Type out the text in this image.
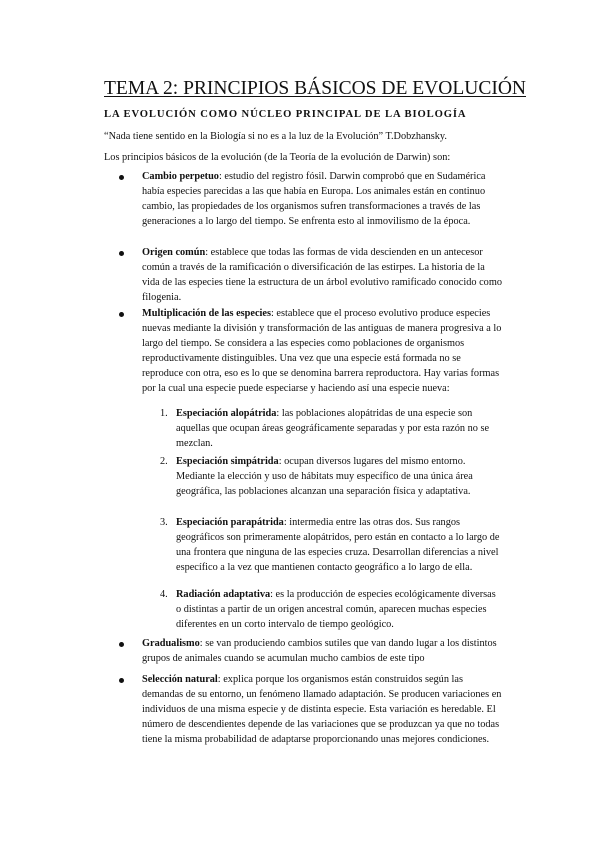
TEMA 2: PRINCIPIOS BÁSICOS DE EVOLUCIÓN
LA EVOLUCIÓN COMO NÚCLEO PRINCIPAL DE LA BIOLOGÍA

“Nada tiene sentido en la Biología si no es a la luz de la Evolución” T.Dobzhansky.

Los principios básicos de la evolución (de la Teoría de la evolución de Darwin) son:

Cambio perpetuo: estudio del registro fósil. Darwin comprobó que en Sudamérica había especies parecidas a las que había en Europa. Los animales están en continuo cambio, las propiedades de los organismos sufren transformaciones a través de las generaciones a lo largo del tiempo. Se enfrenta esto al inmovilismo de la época.
Origen común: establece que todas las formas de vida descienden en un antecesor común a través de la ramificación o diversificación de las estirpes. La historia de la vida de las especies tiene la estructura de un árbol evolutivo ramificado conocido como filogenia.
Multiplicación de las especies: establece que el proceso evolutivo produce especies nuevas mediante la división y transformación de las antiguas de manera progresiva a lo largo del tiempo. Se considera a las especies como poblaciones de organismos reproductivamente distinguibles. Una vez que una especie está formada no se reproduce con otra, eso es lo que se denomina barrera reproductora. Hay varias formas por la cual una especie puede especiarse y haciendo así una especie nueva:
1. Especiación alopátrida: las poblaciones alopátridas de una especie son aquellas que ocupan áreas geográficamente separadas y por esta razón no se mezclan.
2. Especiación simpátrida: ocupan diversos lugares del mismo entorno. Mediante la elección y uso de hábitats muy específico de una única área geográfica, las poblaciones alcanzan una separación física y adaptativa.
3. Especiación parapátrida: intermedia entre las otras dos. Sus rangos geográficos son primeramente alopátridos, pero están en contacto a lo largo de una frontera que ninguna de las especies cruza. Desarrollan diferencias a nivel específico a la vez que mantienen contacto geográfico a lo largo de ella.
4. Radiación adaptativa: es la producción de especies ecológicamente diversas o distintas a partir de un origen ancestral común, aparecen muchas especies diferentes en un corto intervalo de tiempo geológico.
Gradualismo: se van produciendo cambios sutiles que van dando lugar a los distintos grupos de animales cuando se acumulan mucho cambios de este tipo
Selección natural: explica porque los organismos están construidos según las demandas de su entorno, un fenómeno llamado adaptación. Se producen variaciones en individuos de una misma especie y de distinta especie. Esta variación es heredable. El número de descendientes depende de las variaciones que se produzcan ya que no todas tiene la misma probabilidad de adaptarse proporcionando unas mejores condiciones.
